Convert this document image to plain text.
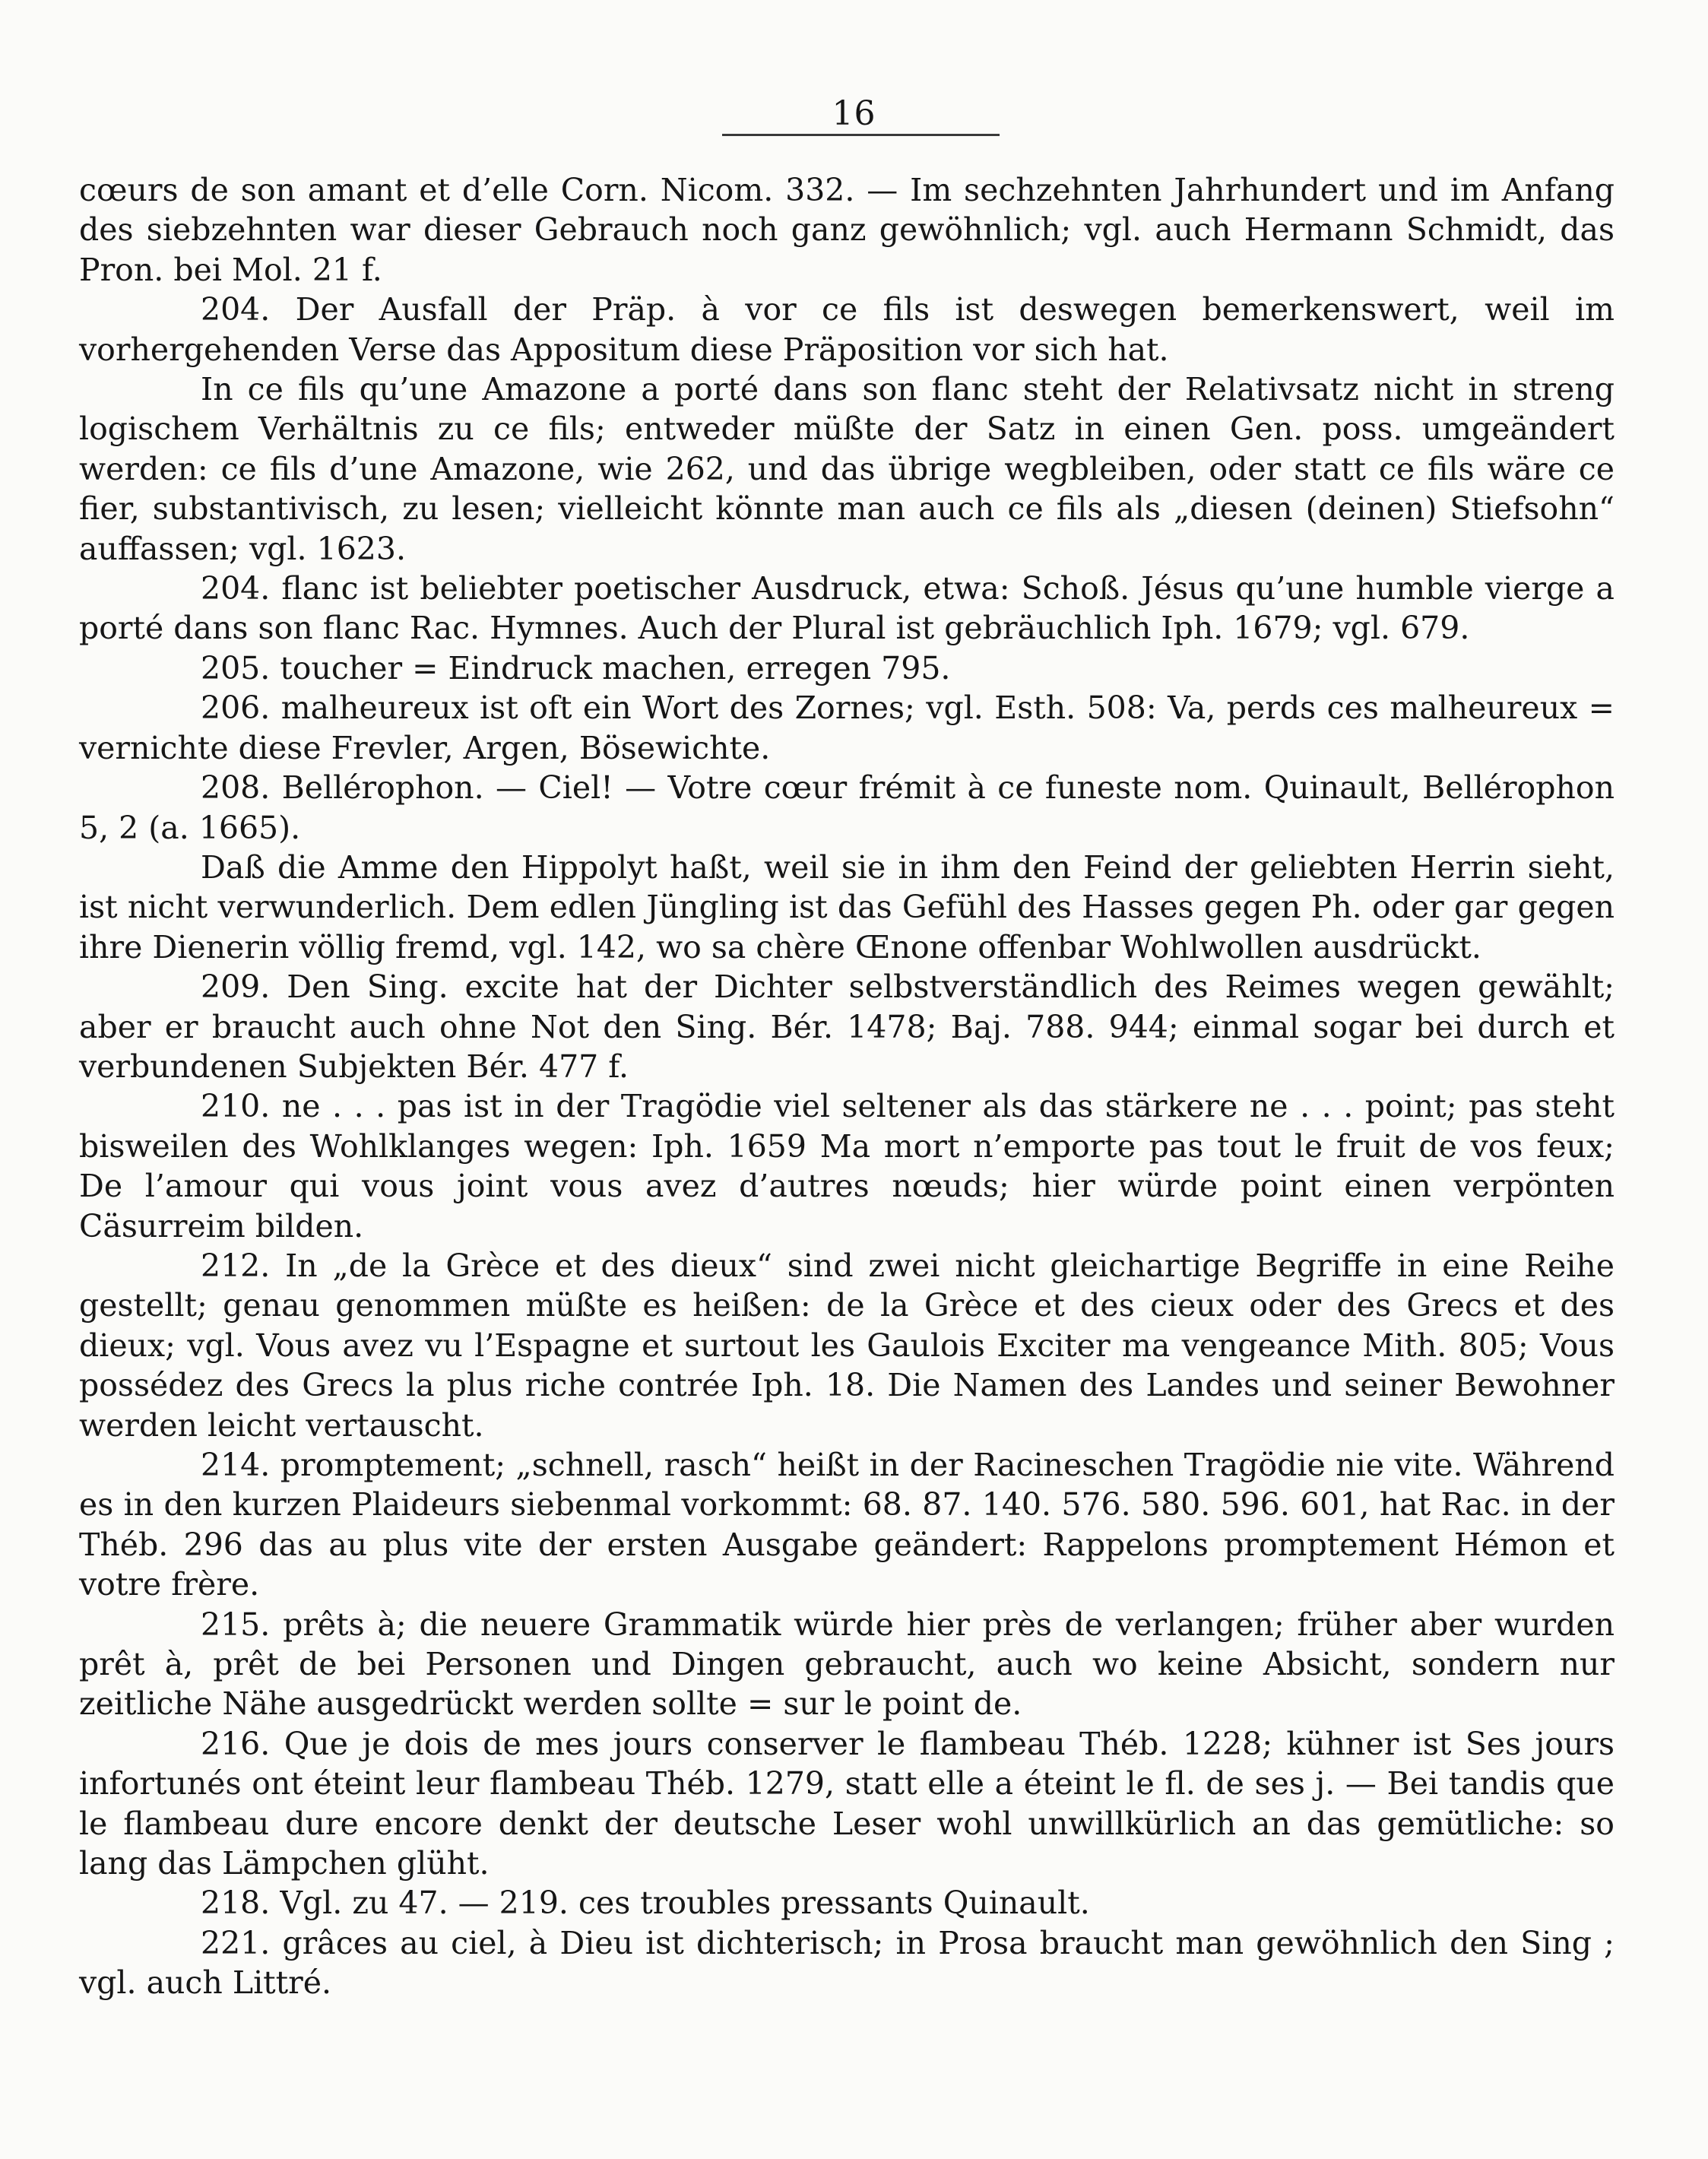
16

cœurs de son amant et d’elle Corn. Nicom. 332. — Im sechzehnten Jahrhundert und im Anfang des siebzehnten war dieser Gebrauch noch ganz gewöhnlich; vgl. auch Hermann Schmidt, das Pron. bei Mol. 21 f.

204. Der Ausfall der Präp. à vor ce fils ist deswegen bemerkenswert, weil im vorhergehenden Verse das Appositum diese Präposition vor sich hat.

In ce fils qu’une Amazone a porté dans son flanc steht der Relativsatz nicht in streng logischem Verhältnis zu ce fils; entweder müßte der Satz in einen Gen. poss. umgeändert werden: ce fils d’une Amazone, wie 262, und das übrige wegbleiben, oder statt ce fils wäre ce fier, substantivisch, zu lesen; vielleicht könnte man auch ce fils als „diesen (deinen) Stiefsohn“ auffassen; vgl. 1623.

204. flanc ist beliebter poetischer Ausdruck, etwa: Schoß. Jésus qu’une humble vierge a porté dans son flanc Rac. Hymnes. Auch der Plural ist gebräuchlich Iph. 1679; vgl. 679.

205. toucher = Eindruck machen, erregen 795.

206. malheureux ist oft ein Wort des Zornes; vgl. Esth. 508: Va, perds ces malheureux = vernichte diese Frevler, Argen, Bösewichte.

208. Bellérophon. — Ciel! — Votre cœur frémit à ce funeste nom. Quinault, Bellérophon 5, 2 (a. 1665).

Daß die Amme den Hippolyt haßt, weil sie in ihm den Feind der geliebten Herrin sieht, ist nicht verwunderlich. Dem edlen Jüngling ist das Gefühl des Hasses gegen Ph. oder gar gegen ihre Dienerin völlig fremd, vgl. 142, wo sa chère Œnone offenbar Wohlwollen ausdrückt.

209. Den Sing. excite hat der Dichter selbstverständlich des Reimes wegen gewählt; aber er braucht auch ohne Not den Sing. Bér. 1478; Baj. 788. 944; einmal sogar bei durch et verbundenen Subjekten Bér. 477 f.

210. ne . . . pas ist in der Tragödie viel seltener als das stärkere ne . . . point; pas steht bisweilen des Wohlklanges wegen: Iph. 1659 Ma mort n’emporte pas tout le fruit de vos feux; De l’amour qui vous joint vous avez d’autres nœuds; hier würde point einen verpönten Cäsurreim bilden.

212. In „de la Grèce et des dieux“ sind zwei nicht gleichartige Begriffe in eine Reihe gestellt; genau genommen müßte es heißen: de la Grèce et des cieux oder des Grecs et des dieux; vgl. Vous avez vu l’Espagne et surtout les Gaulois Exciter ma vengeance Mith. 805; Vous possédez des Grecs la plus riche contrée Iph. 18. Die Namen des Landes und seiner Bewohner werden leicht vertauscht.

214. promptement; „schnell, rasch“ heißt in der Racineschen Tragödie nie vite. Während es in den kurzen Plaideurs siebenmal vorkommt: 68. 87. 140. 576. 580. 596. 601, hat Rac. in der Théb. 296 das au plus vite der ersten Ausgabe geändert: Rappelons promptement Hémon et votre frère.

215. prêts à; die neuere Grammatik würde hier près de verlangen; früher aber wurden prêt à, prêt de bei Personen und Dingen gebraucht, auch wo keine Absicht, sondern nur zeitliche Nähe ausgedrückt werden sollte = sur le point de.

216. Que je dois de mes jours conserver le flambeau Théb. 1228; kühner ist Ses jours infortunés ont éteint leur flambeau Théb. 1279, statt elle a éteint le fl. de ses j. — Bei tandis que le flambeau dure encore denkt der deutsche Leser wohl unwillkürlich an das gemütliche: so lang das Lämpchen glüht.

218. Vgl. zu 47. — 219. ces troubles pressants Quinault.

221. grâces au ciel, à Dieu ist dichterisch; in Prosa braucht man gewöhnlich den Sing ; vgl. auch Littré.
